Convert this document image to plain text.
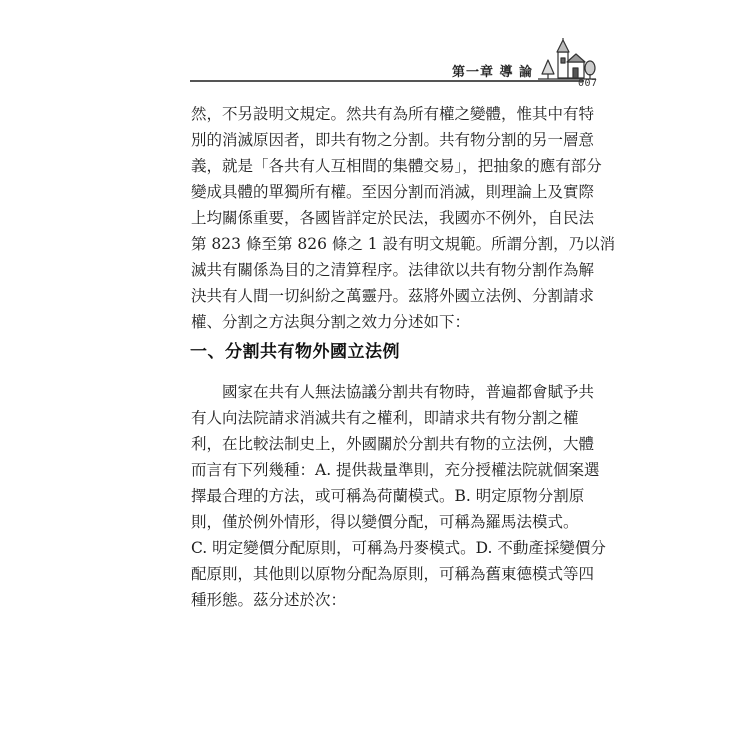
第一章 導 論
007
然，不另設明文規定。然共有為所有權之變體，惟其中有特
別的消滅原因者，即共有物之分割。共有物分割的另一層意
義，就是「各共有人互相間的集體交易」，把抽象的應有部分
變成具體的單獨所有權。至因分割而消滅，則理論上及實際
上均關係重要，各國皆詳定於民法，我國亦不例外，自民法
第 823 條至第 826 條之 1 設有明文規範。所謂分割，乃以消
滅共有關係為目的之清算程序。法律欲以共有物分割作為解
決共有人間一切糾紛之萬靈丹。茲將外國立法例、分割請求
權、分割之方法與分割之效力分述如下：
一、分割共有物外國立法例
國家在共有人無法協議分割共有物時，普遍都會賦予共
有人向法院請求消滅共有之權利，即請求共有物分割之權
利，在比較法制史上，外國關於分割共有物的立法例，大體
而言有下列幾種：A. 提供裁量準則，充分授權法院就個案選
擇最合理的方法，或可稱為荷蘭模式。B. 明定原物分割原
則，僅於例外情形，得以變價分配，可稱為羅馬法模式。
C. 明定變價分配原則，可稱為丹麥模式。D. 不動產採變價分
配原則，其他則以原物分配為原則，可稱為舊東德模式等四
種形態。茲分述於次：
